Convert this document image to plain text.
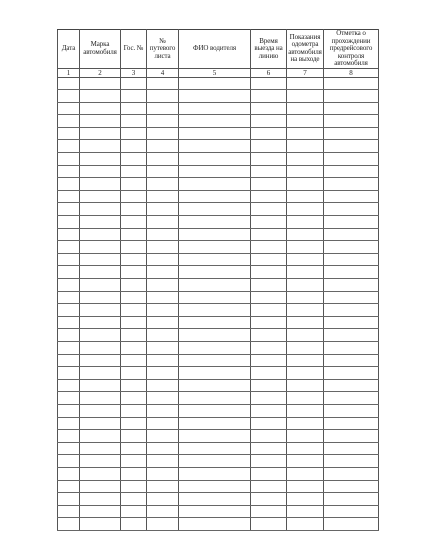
Дата	Марка автомобиля	Гос. №	№ путевого листа	ФИО водителя	Время выезда на линию	Показания одометра автомобиля на выходе	Отметка о прохождении предрейсового контроля автомобиля
1	2	3	4	5	6	7	8
